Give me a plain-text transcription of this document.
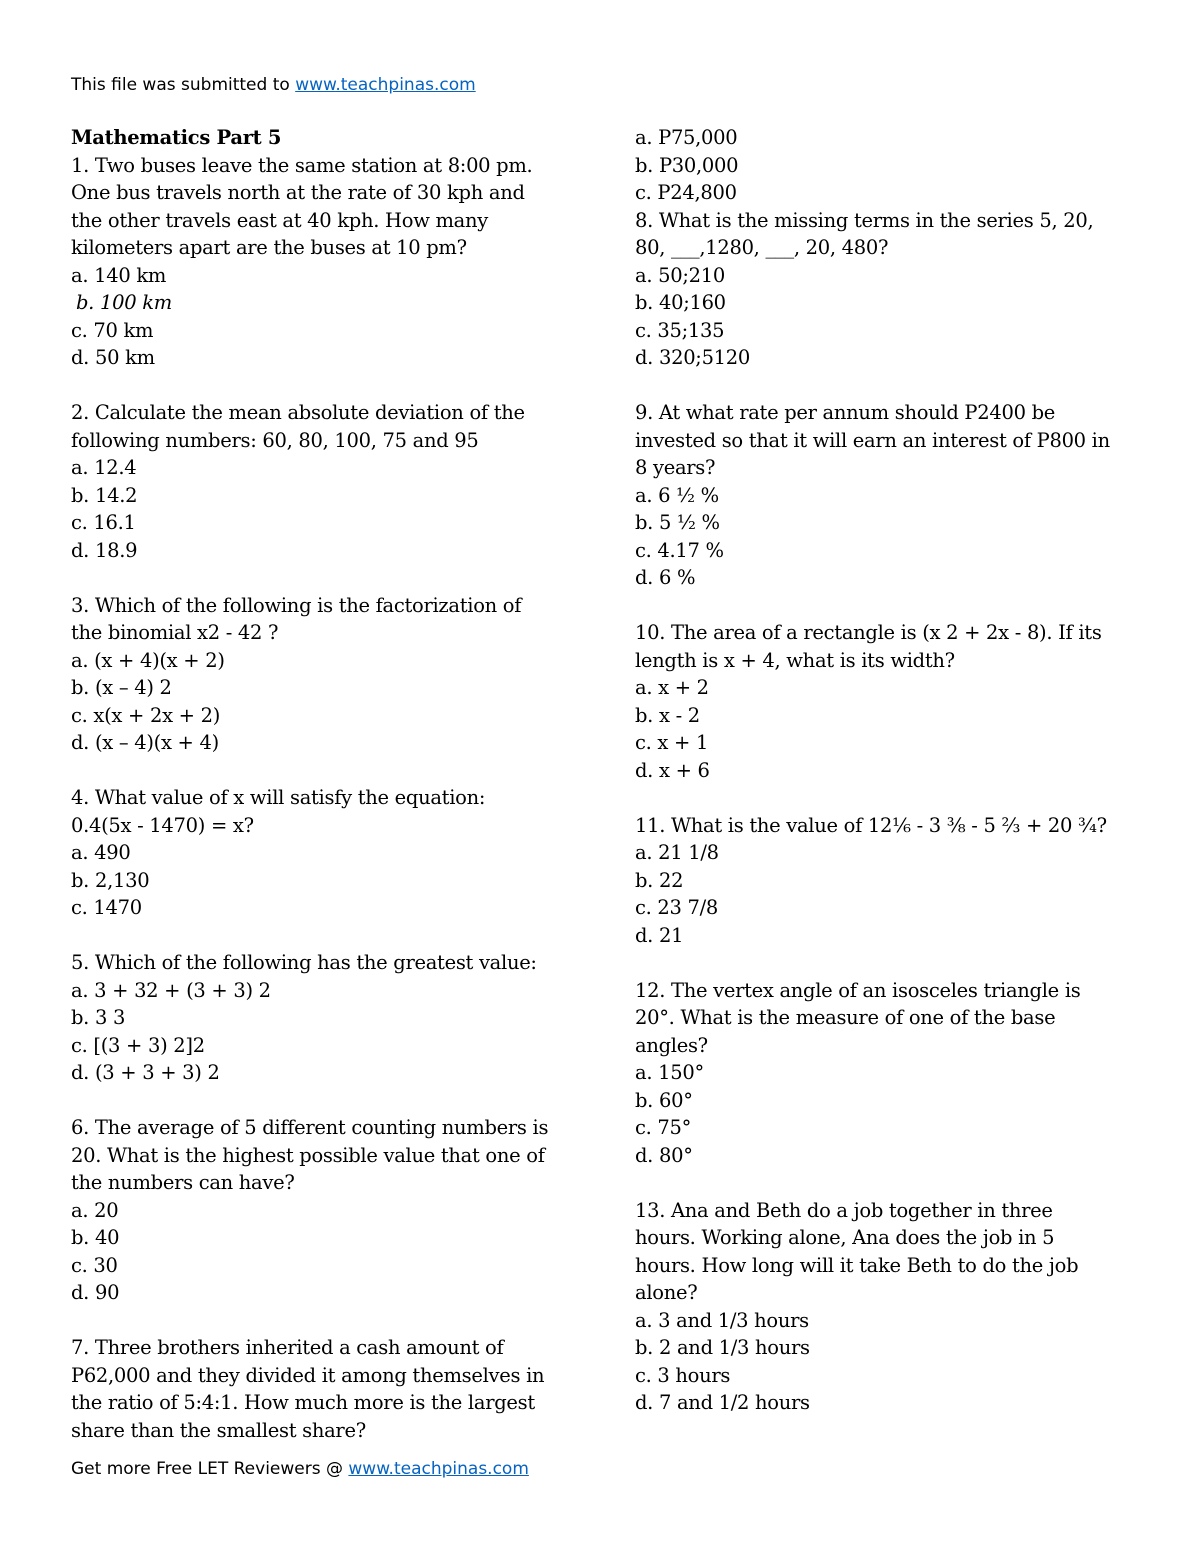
This file was submitted to www.teachpinas.com
Mathematics Part 5
1. Two buses leave the same station at 8:00 pm.
One bus travels north at the rate of 30 kph and
the other travels east at 40 kph. How many
kilometers apart are the buses at 10 pm?
a. 140 km
b. 100 km
c. 70 km
d. 50 km
2. Calculate the mean absolute deviation of the
following numbers: 60, 80, 100, 75 and 95
a. 12.4
b. 14.2
c. 16.1
d. 18.9
3. Which of the following is the factorization of
the binomial x2 - 42 ?
a. (x + 4)(x + 2)
b. (x – 4) 2
c. x(x + 2x + 2)
d. (x – 4)(x + 4)
4. What value of x will satisfy the equation:
0.4(5x - 1470) = x?
a. 490
b. 2,130
c. 1470
5. Which of the following has the greatest value:
a. 3 + 32 + (3 + 3) 2
b. 3 3
c. [(3 + 3) 2]2
d. (3 + 3 + 3) 2
6. The average of 5 different counting numbers is
20. What is the highest possible value that one of
the numbers can have?
a. 20
b. 40
c. 30
d. 90
7. Three brothers inherited a cash amount of
P62,000 and they divided it among themselves in
the ratio of 5:4:1. How much more is the largest
share than the smallest share?
a. P75,000
b. P30,000
c. P24,800
8. What is the missing terms in the series 5, 20,
80, ___,1280, ___, 20, 480?
a. 50;210
b. 40;160
c. 35;135
d. 320;5120
9. At what rate per annum should P2400 be
invested so that it will earn an interest of P800 in
8 years?
a. 6 ½ %
b. 5 ½ %
c. 4.17 %
d. 6 %
10. The area of a rectangle is (x 2 + 2x - 8). If its
length is x + 4, what is its width?
a. x + 2
b. x - 2
c. x + 1
d. x + 6
11. What is the value of 12⅙ - 3 ⅜ - 5 ⅔ + 20 ¾?
a. 21 1/8
b. 22
c. 23 7/8
d. 21
12. The vertex angle of an isosceles triangle is
20°. What is the measure of one of the base
angles?
a. 150°
b. 60°
c. 75°
d. 80°
13. Ana and Beth do a job together in three
hours. Working alone, Ana does the job in 5
hours. How long will it take Beth to do the job
alone?
a. 3 and 1/3 hours
b. 2 and 1/3 hours
c. 3 hours
d. 7 and 1/2 hours
Get more Free LET Reviewers @ www.teachpinas.com
